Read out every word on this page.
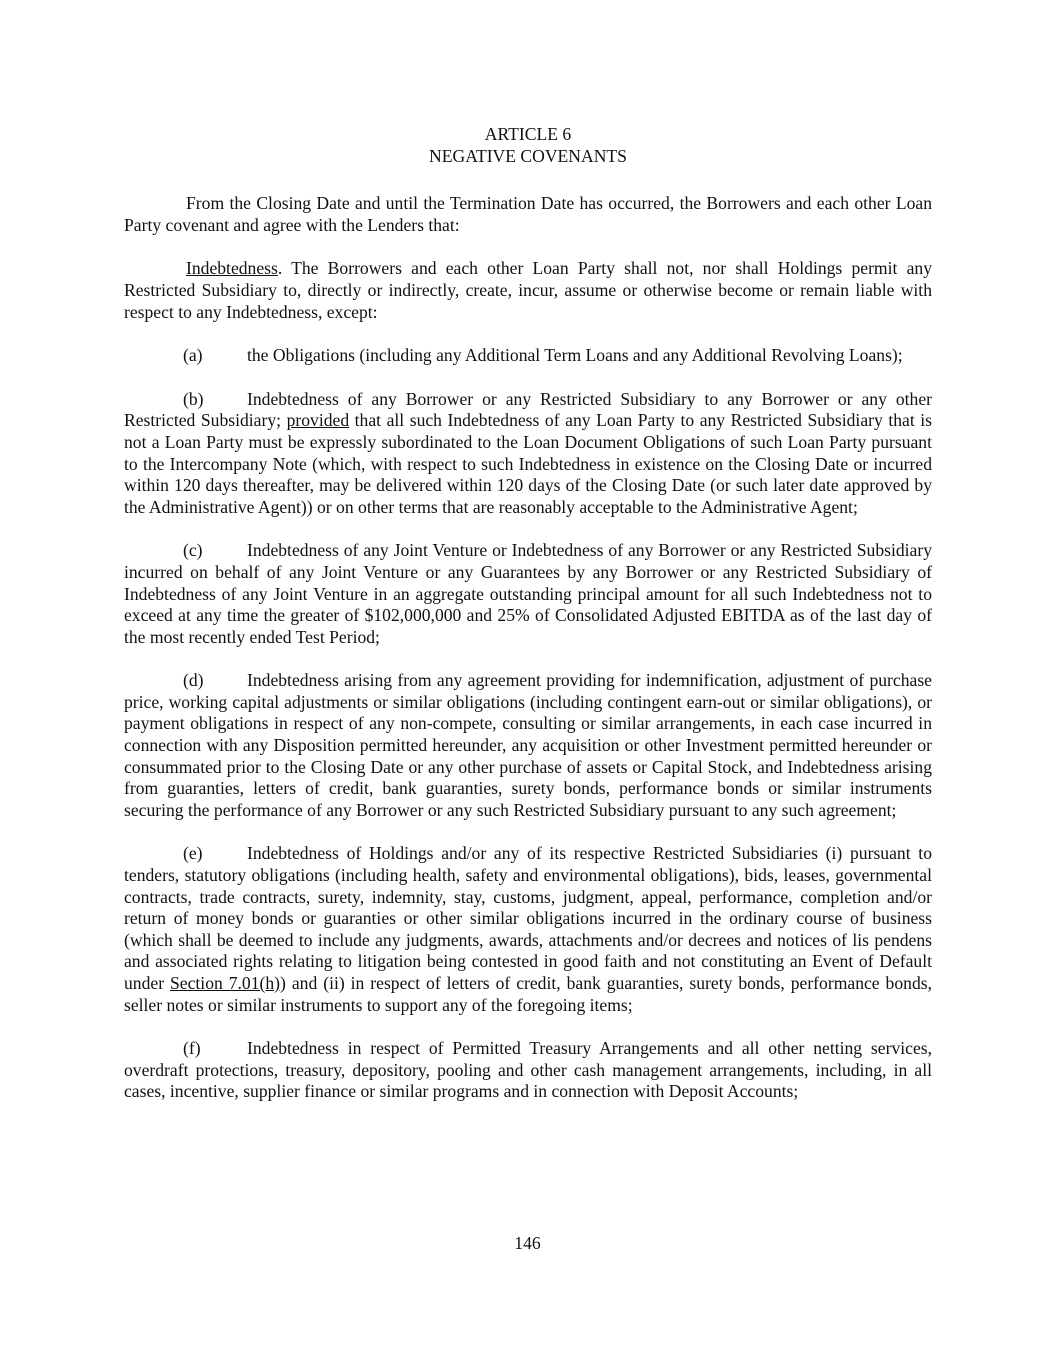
ARTICLE 6

NEGATIVE COVENANTS

From the Closing Date and until the Termination Date has occurred, the Borrowers and each other Loan Party covenant and agree with the Lenders that:

Indebtedness. The Borrowers and each other Loan Party shall not, nor shall Holdings permit any Restricted Subsidiary to, directly or indirectly, create, incur, assume or otherwise become or remain liable with respect to any Indebtedness, except:

(a)	the Obligations (including any Additional Term Loans and any Additional Revolving Loans);

(b) Indebtedness of any Borrower or any Restricted Subsidiary to any Borrower or any other Restricted Subsidiary; provided that all such Indebtedness of any Loan Party to any Restricted Subsidiary that is not a Loan Party must be expressly subordinated to the Loan Document Obligations of such Loan Party pursuant to the Intercompany Note (which, with respect to such Indebtedness in existence on the Closing Date or incurred within 120 days thereafter, may be delivered within 120 days of the Closing Date (or such later date approved by the Administrative Agent)) or on other terms that are reasonably acceptable to the Administrative Agent;

(c)	Indebtedness of any Joint Venture or Indebtedness of any Borrower or any Restricted Subsidiary incurred on behalf of any Joint Venture or any Guarantees by any Borrower or any Restricted Subsidiary of Indebtedness of any Joint Venture in an aggregate outstanding principal amount for all such Indebtedness not to exceed at any time the greater of $102,000,000 and 25% of Consolidated Adjusted EBITDA as of the last day of the most recently ended Test Period;

(d) Indebtedness arising from any agreement providing for indemnification, adjustment of purchase price, working capital adjustments or similar obligations (including contingent earn-out or similar obligations), or payment obligations in respect of any non-compete, consulting or similar arrangements, in each case incurred in connection with any Disposition permitted hereunder, any acquisition or other Investment permitted hereunder or consummated prior to the Closing Date or any other purchase of assets or Capital Stock, and Indebtedness arising from guaranties, letters of credit, bank guaranties, surety bonds, performance bonds or similar instruments securing the performance of any Borrower or any such Restricted Subsidiary pursuant to any such agreement;

(e)	Indebtedness of Holdings and/or any of its respective Restricted Subsidiaries (i) pursuant to tenders, statutory obligations (including health, safety and environmental obligations), bids, leases, governmental contracts, trade contracts, surety, indemnity, stay, customs, judgment, appeal, performance, completion and/or return of money bonds or guaranties or other similar obligations incurred in the ordinary course of business (which shall be deemed to include any judgments, awards, attachments and/or decrees and notices of lis pendens and associated rights relating to litigation being contested in good faith and not constituting an Event of Default under Section 7.01(h)) and (ii) in respect of letters of credit, bank guaranties, surety bonds, performance bonds, seller notes or similar instruments to support any of the foregoing items;

(f)	Indebtedness in respect of Permitted Treasury Arrangements and all other netting services, overdraft protections, treasury, depository, pooling and other cash management arrangements, including, in all cases, incentive, supplier finance or similar programs and in connection with Deposit Accounts;

146
